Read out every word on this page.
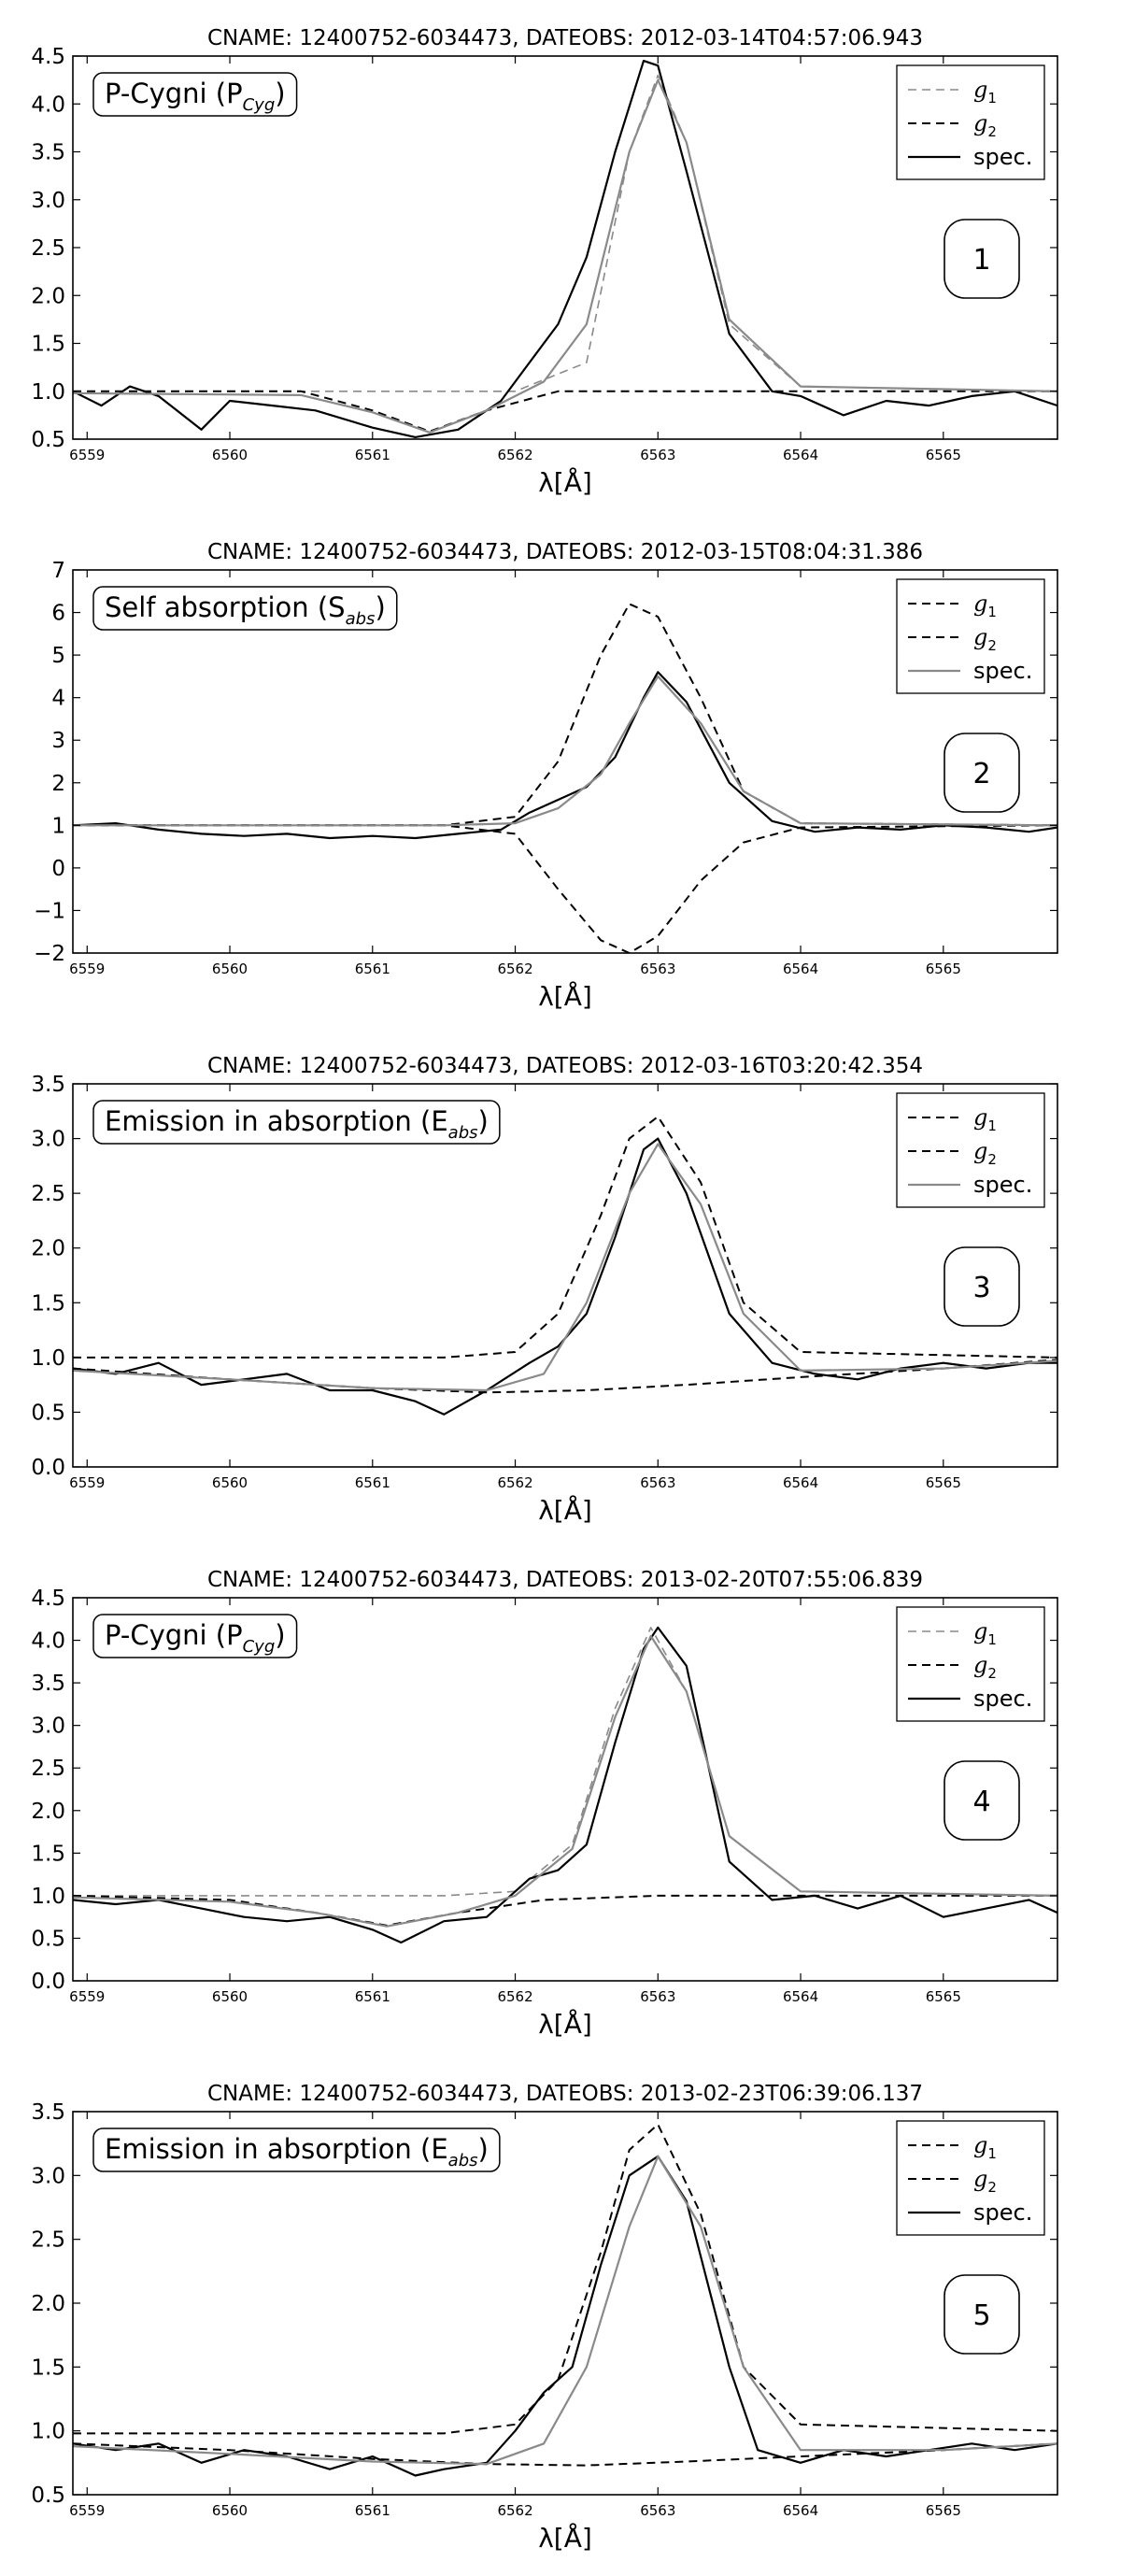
CNAME: 12400752-6034473, DATEOBS: 2012-03-14T04:57:06.943
6559	6560	6561	6562	6563	6564	6565
0.5
1.0
1.5
2.0
2.5
3.0
3.5
4.0
4.5
λ[Å]
P-Cygni $(P_{Cyg})$	$g_1$
$g_2$
spec.
1
CNAME: 12400752-6034473, DATEOBS: 2012-03-15T08:04:31.386
6559	6560	6561	6562	6563	6564	6565
−2
−1
0
1
2
3
4
5
6
7
λ[Å]
Self absorption $(S_{abs})$	$g_1$
$g_2$
spec.
2
CNAME: 12400752-6034473, DATEOBS: 2012-03-16T03:20:42.354
6559	6560	6561	6562	6563	6564	6565
0.0
0.5
1.0
1.5
2.0
2.5
3.0
3.5
λ[Å]
Emission in absorption $(E_{abs})$	$g_1$
$g_2$
spec.
3
CNAME: 12400752-6034473, DATEOBS: 2013-02-20T07:55:06.839
6559	6560	6561	6562	6563	6564	6565
0.0
0.5
1.0
1.5
2.0
2.5
3.0
3.5
4.0
4.5
λ[Å]
P-Cygni $(P_{Cyg})$	$g_1$
$g_2$
spec.
4
CNAME: 12400752-6034473, DATEOBS: 2013-02-23T06:39:06.137
6559	6560	6561	6562	6563	6564	6565
0.5
1.0
1.5
2.0
2.5
3.0
3.5
λ[Å]
Emission in absorption $(E_{abs})$	$g_1$
$g_2$
spec.
5
